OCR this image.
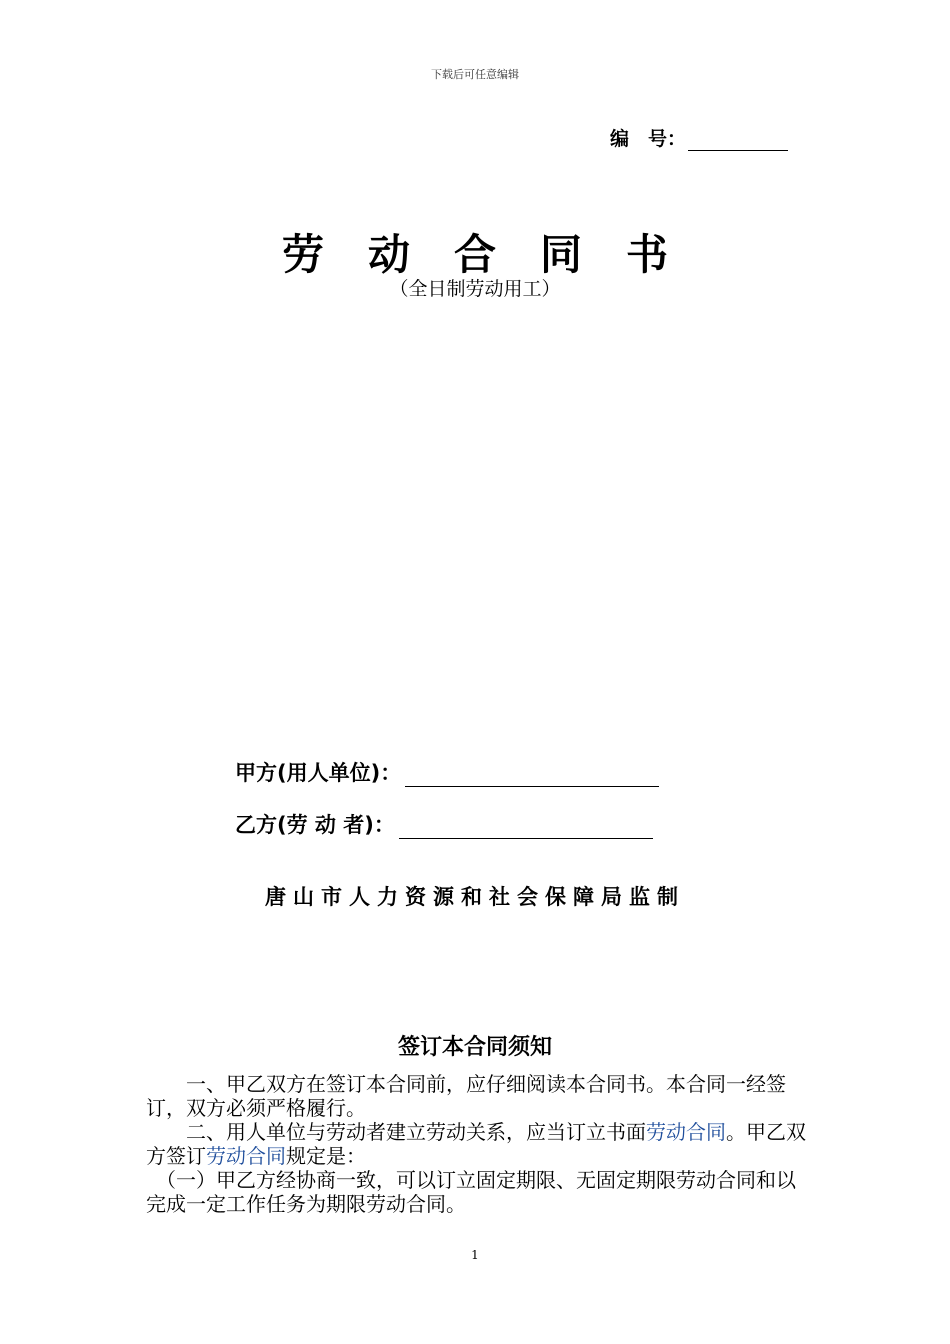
下载后可任意编辑
编　号：
劳动合同书
（全日制劳动用工）
甲方(用人单位)：
乙方(劳 动 者)：
唐山市人力资源和社会保障局监制
签订本合同须知
　　一、甲乙双方在签订本合同前，应仔细阅读本合同书。本合同一经签订，双方必须严格履行。
　　二、用人单位与劳动者建立劳动关系，应当订立书面劳动合同。甲乙双方签订劳动合同规定是：
　（一）甲乙方经协商一致，可以订立固定期限、无固定期限劳动合同和以完成一定工作任务为期限劳动合同。
1
